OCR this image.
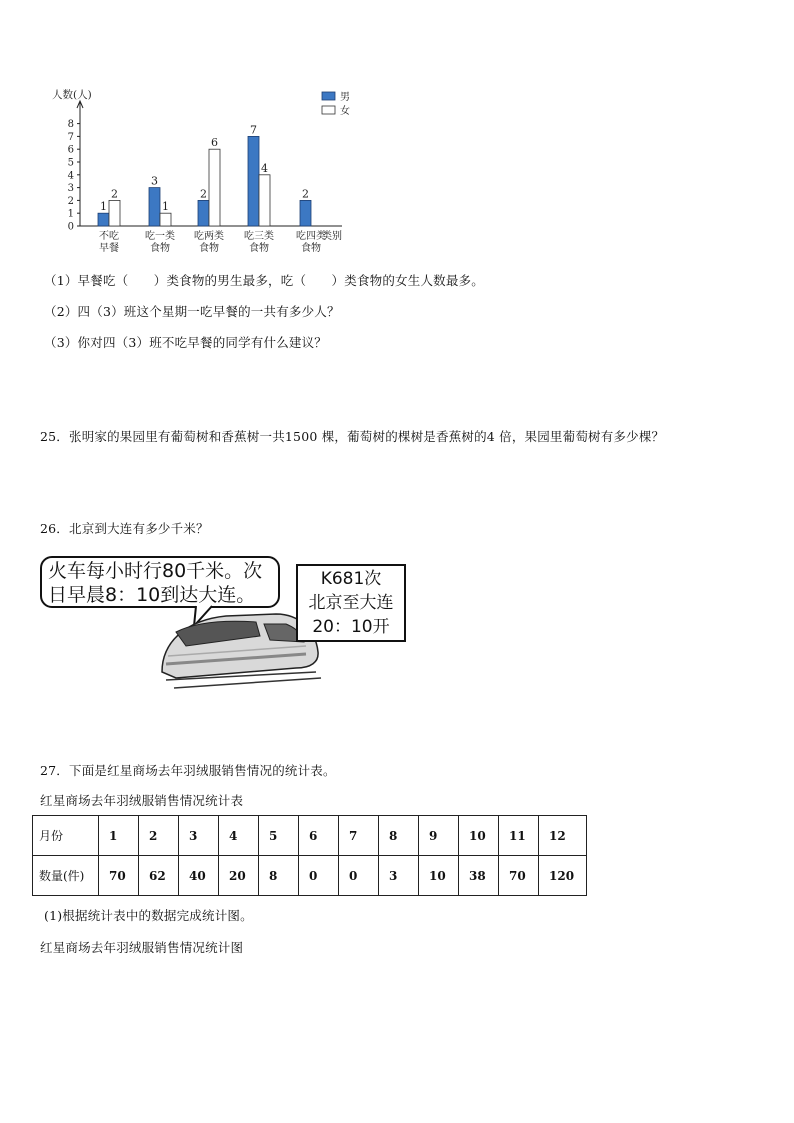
人数(人)
0
1
2
3
4
5
6
7
8
1
2
不吃
早餐
3
1
吃一类
食物
2
6
吃两类
食物
7
4
吃三类
食物
2
吃四类
食物
类别
男
女
（1）早餐吃（　　）类食物的男生最多，吃（　　）类食物的女生人数最多。
（2）四（3）班这个星期一吃早餐的一共有多少人？
（3）你对四（3）班不吃早餐的同学有什么建议？
25．张明家的果园里有葡萄树和香蕉树一共1500 棵，葡萄树的棵树是香蕉树的4 倍，果园里葡萄树有多少棵？
26．北京到大连有多少千米？
火车每小时行80千米。次
日早晨8：10到达大连。
K681次
北京至大连
20：10开
27．下面是红星商场去年羽绒服销售情况的统计表。
红星商场去年羽绒服销售情况统计表
月份	1	2	3	4	5	6	7	8	9	10	11	12
数量(件)	70	62	40	20	8	0	0	3	10	38	70	120
(1)根据统计表中的数据完成统计图。
红星商场去年羽绒服销售情况统计图
